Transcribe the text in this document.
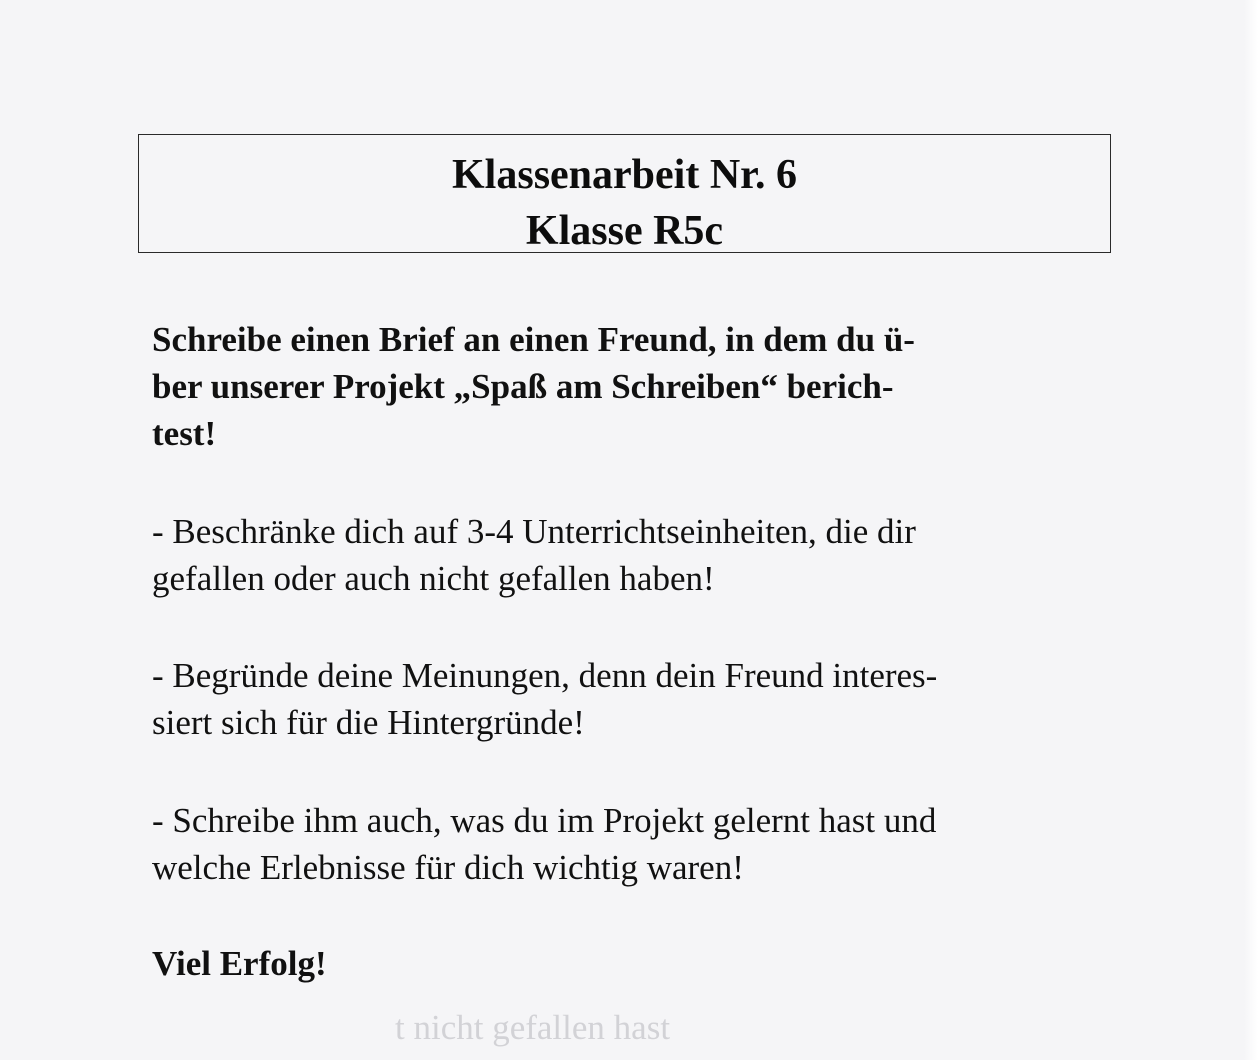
Klassenarbeit Nr. 6
Klasse R5c

Schreibe einen Brief an einen Freund, in dem du ü-
ber unserer Projekt „Spaß am Schreiben“ berich-
test!

- Beschränke dich auf 3-4 Unterrichtseinheiten, die dir
gefallen oder auch nicht gefallen haben!

- Begründe deine Meinungen, denn dein Freund interes-
siert sich für die Hintergründe!

- Schreibe ihm auch, was du im Projekt gelernt hast und
welche Erlebnisse für dich wichtig waren!

Viel Erfolg!

t nicht gefallen hast
